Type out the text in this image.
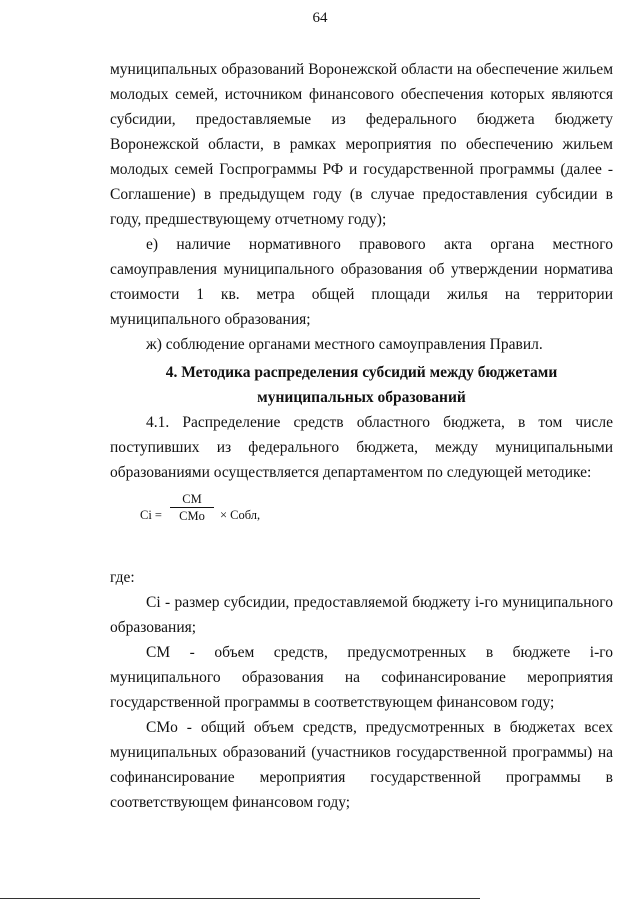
64

муниципальных образований Воронежской области на обеспечение жильем молодых семей, источником финансового обеспечения которых являются субсидии, предоставляемые из федерального бюджета бюджету Воронежской области, в рамках мероприятия по обеспечению жильем молодых семей Госпрограммы РФ и государственной программы (далее - Соглашение) в предыдущем году (в случае предоставления субсидии в году, предшествующему отчетному году);

е) наличие нормативного правового акта органа местного самоуправления муниципального образования об утверждении норматива стоимости 1 кв. метра общей площади жилья на территории муниципального образования;

ж) соблюдение органами местного самоуправления Правил.

4. Методика распределения субсидий между бюджетами
муниципальных образований

4.1. Распределение средств областного бюджета, в том числе поступивших из федерального бюджета, между муниципальными образованиями осуществляется департаментом по следующей методике:

Ci =
CM
CMo	× Cобл,

где:

Ci - размер субсидии, предоставляемой бюджету i-го муниципального образования;

CM - объем средств, предусмотренных в бюджете i-го муниципального образования на софинансирование мероприятия государственной программы в соответствующем финансовом году;

CMo - общий объем средств, предусмотренных в бюджетах всех муниципальных образований (участников государственной программы) на софинансирование мероприятия государственной программы в соответствующем финансовом году;
